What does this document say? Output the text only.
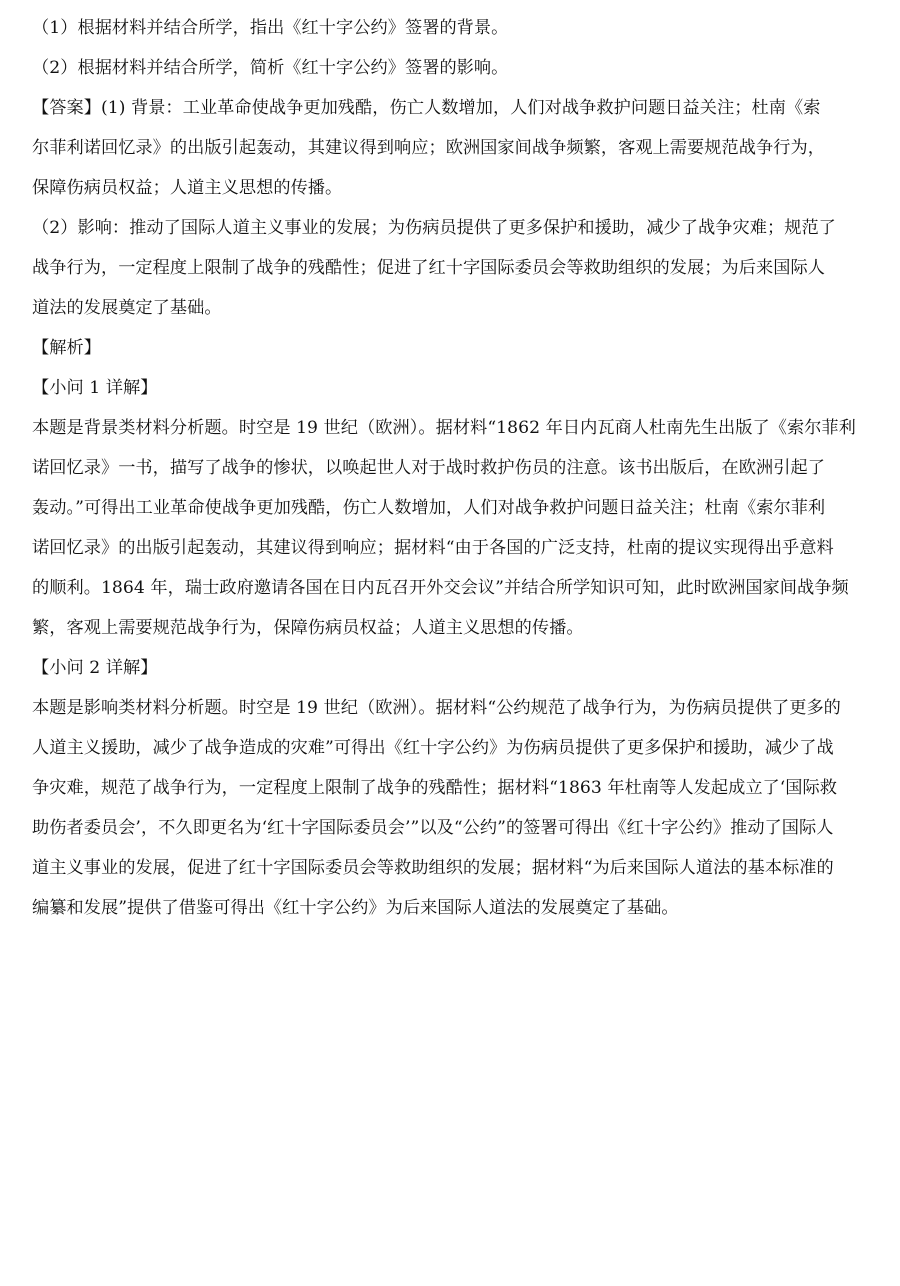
（1）根据材料并结合所学，指出《红十字公约》签署的背景。
（2）根据材料并结合所学，简析《红十字公约》签署的影响。
【答案】(1) 背景：工业革命使战争更加残酷，伤亡人数增加，人们对战争救护问题日益关注；杜南《索
尔菲利诺回忆录》的出版引起轰动，其建议得到响应；欧洲国家间战争频繁，客观上需要规范战争行为，
保障伤病员权益；人道主义思想的传播。
（2）影响：推动了国际人道主义事业的发展；为伤病员提供了更多保护和援助，减少了战争灾难；规范了
战争行为，一定程度上限制了战争的残酷性；促进了红十字国际委员会等救助组织的发展；为后来国际人
道法的发展奠定了基础。
【解析】
【小问 1 详解】
本题是背景类材料分析题。时空是 19 世纪（欧洲）。据材料“1862 年日内瓦商人杜南先生出版了《索尔菲利
诺回忆录》一书，描写了战争的惨状，以唤起世人对于战时救护伤员的注意。该书出版后，在欧洲引起了
轰动。”可得出工业革命使战争更加残酷，伤亡人数增加，人们对战争救护问题日益关注；杜南《索尔菲利
诺回忆录》的出版引起轰动，其建议得到响应；据材料“由于各国的广泛支持，杜南的提议实现得出乎意料
的顺利。1864 年，瑞士政府邀请各国在日内瓦召开外交会议”并结合所学知识可知，此时欧洲国家间战争频
繁，客观上需要规范战争行为，保障伤病员权益；人道主义思想的传播。
【小问 2 详解】
本题是影响类材料分析题。时空是 19 世纪（欧洲）。据材料“公约规范了战争行为，为伤病员提供了更多的
人道主义援助，减少了战争造成的灾难”可得出《红十字公约》为伤病员提供了更多保护和援助，减少了战
争灾难，规范了战争行为，一定程度上限制了战争的残酷性；据材料“1863 年杜南等人发起成立了‘国际救
助伤者委员会’，不久即更名为‘红十字国际委员会’”以及“公约”的签署可得出《红十字公约》推动了国际人
道主义事业的发展，促进了红十字国际委员会等救助组织的发展；据材料“为后来国际人道法的基本标准的
编纂和发展”提供了借鉴可得出《红十字公约》为后来国际人道法的发展奠定了基础。
